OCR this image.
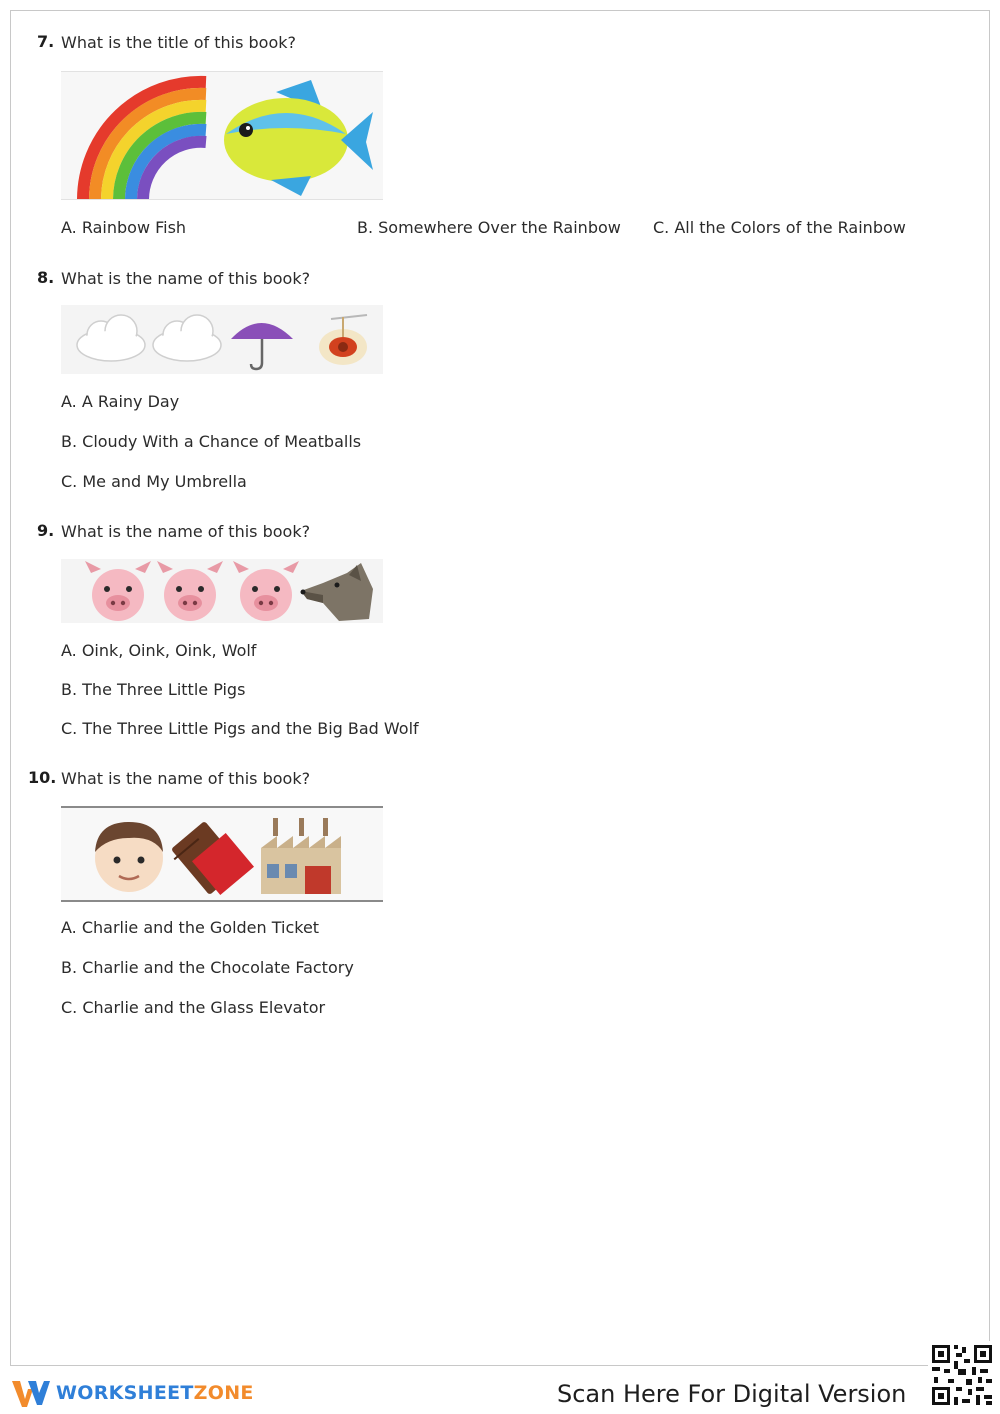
7. What is the title of this book?
A. Rainbow Fish	B. Somewhere Over the Rainbow C. All the Colors of the Rainbow
8. What is the name of this book?
A. A Rainy Day
B. Cloudy With a Chance of Meatballs
C. Me and My Umbrella
9. What is the name of this book?
A. Oink, Oink, Oink, Wolf
B. The Three Little Pigs
C. The Three Little Pigs and the Big Bad Wolf
10. What is the name of this book?
A. Charlie and the Golden Ticket
B. Charlie and the Chocolate Factory
C. Charlie and the Glass Elevator
WORKSHEETZONE	Scan Here For Digital Version
